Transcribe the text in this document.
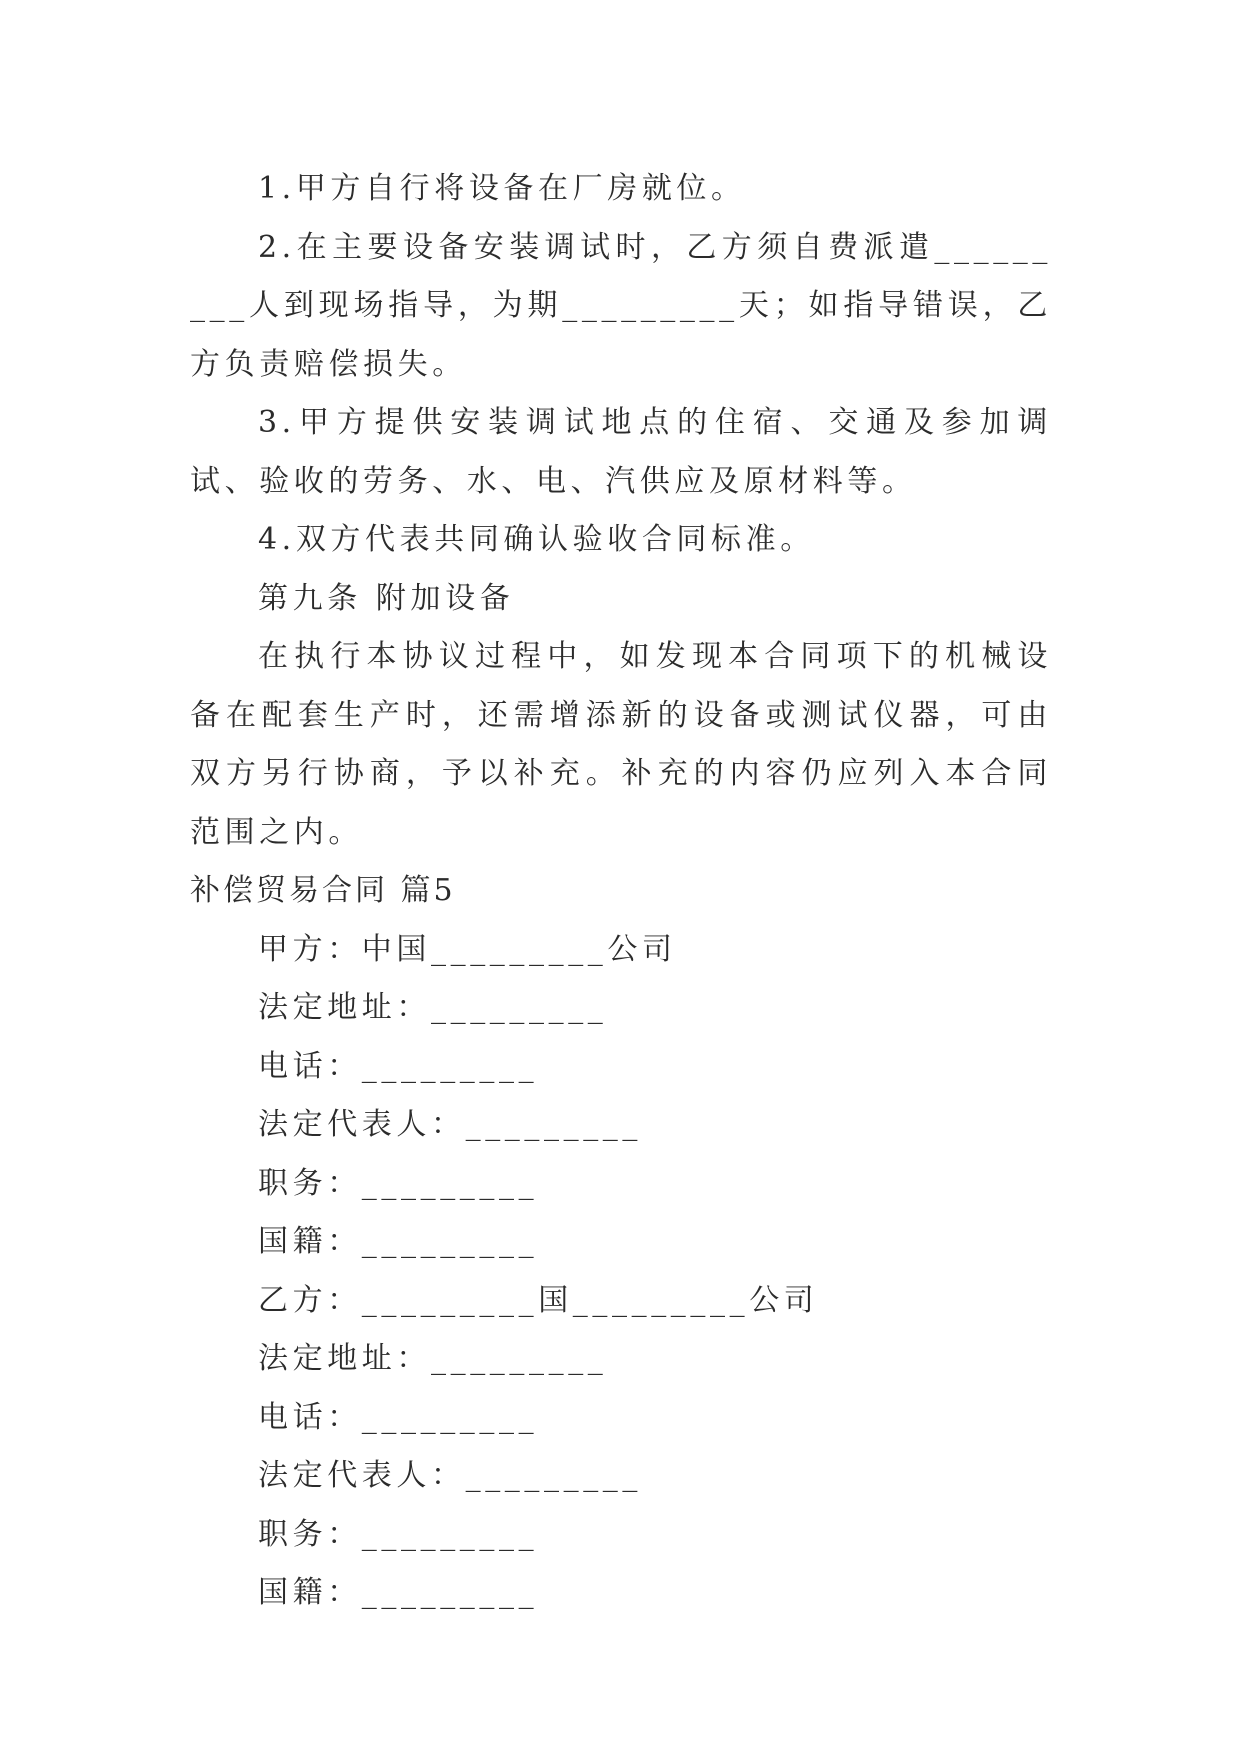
1.甲方自行将设备在厂房就位。

2.在主要设备安装调试时，乙方须自费派遣_________人到现场指导，为期_________天；如指导错误，乙方负责赔偿损失。

3.甲方提供安装调试地点的住宿、交通及参加调试、验收的劳务、水、电、汽供应及原材料等。

4.双方代表共同确认验收合同标准。

第九条 附加设备

在执行本协议过程中，如发现本合同项下的机械设备在配套生产时，还需增添新的设备或测试仪器，可由双方另行协商，予以补充。补充的内容仍应列入本合同范围之内。

补偿贸易合同 篇5

甲方：中国_________公司

法定地址：_________

电话：_________

法定代表人：_________

职务：_________

国籍：_________

乙方：_________国_________公司

法定地址：_________

电话：_________

法定代表人：_________

职务：_________

国籍：_________
